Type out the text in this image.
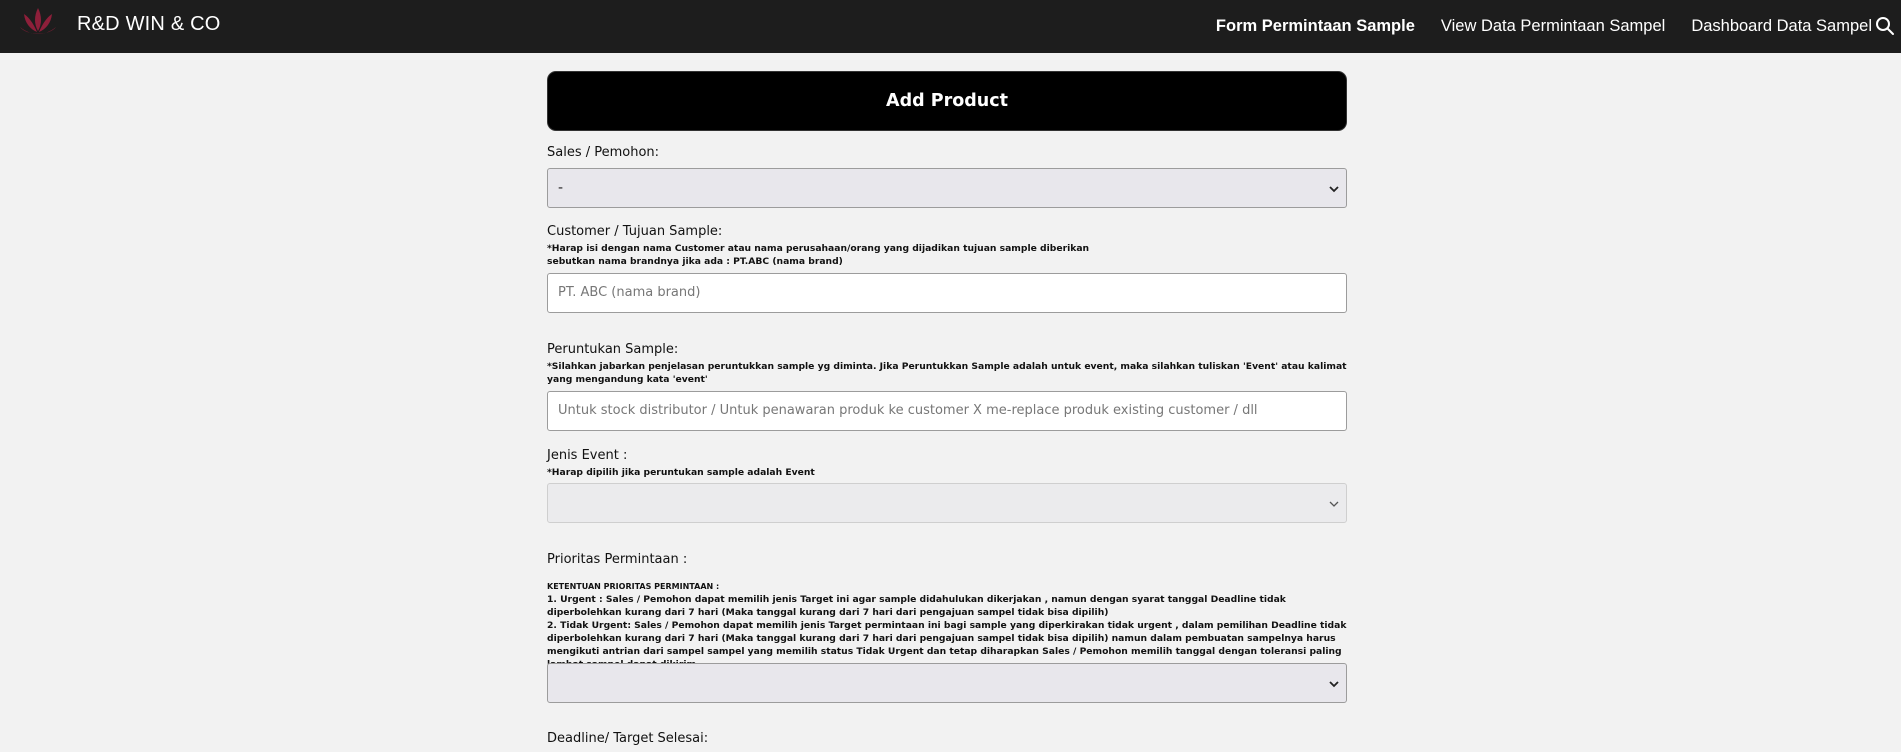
R&D WIN & CO	Form Permintaan Sample View Data Permintaan Sampel Dashboard Data Sampel
Add Product
Sales / Pemohon:
-
Customer / Tujuan Sample:
*Harap isi dengan nama Customer atau nama perusahaan/orang yang dijadikan tujuan sample diberikan
sebutkan nama brandnya jika ada : PT.ABC (nama brand)
PT. ABC (nama brand)
Peruntukan Sample:
*Silahkan jabarkan penjelasan peruntukkan sample yg diminta. Jika Peruntukkan Sample adalah untuk event, maka silahkan tuliskan 'Event' atau kalimat yang mengandung kata 'event'
Untuk stock distributor / Untuk penawaran produk ke customer X me-replace produk existing customer / dll
Jenis Event :
*Harap dipilih jika peruntukan sample adalah Event
Prioritas Permintaan :
KETENTUAN PRIORITAS PERMINTAAN :
1. Urgent : Sales / Pemohon dapat memilih jenis Target ini agar sample didahulukan dikerjakan , namun dengan syarat tanggal Deadline tidak diperbolehkan kurang dari 7 hari (Maka tanggal kurang dari 7 hari dari pengajuan sampel tidak bisa dipilih)
2. Tidak Urgent: Sales / Pemohon dapat memilih jenis Target permintaan ini bagi sample yang diperkirakan tidak urgent , dalam pemilihan Deadline tidak diperbolehkan kurang dari 7 hari (Maka tanggal kurang dari 7 hari dari pengajuan sampel tidak bisa dipilih) namun dalam pembuatan sampelnya harus mengikuti antrian dari sampel sampel yang memilih status Tidak Urgent dan tetap diharapkan Sales / Pemohon memilih tanggal dengan toleransi paling
Deadline/ Target Selesai:
